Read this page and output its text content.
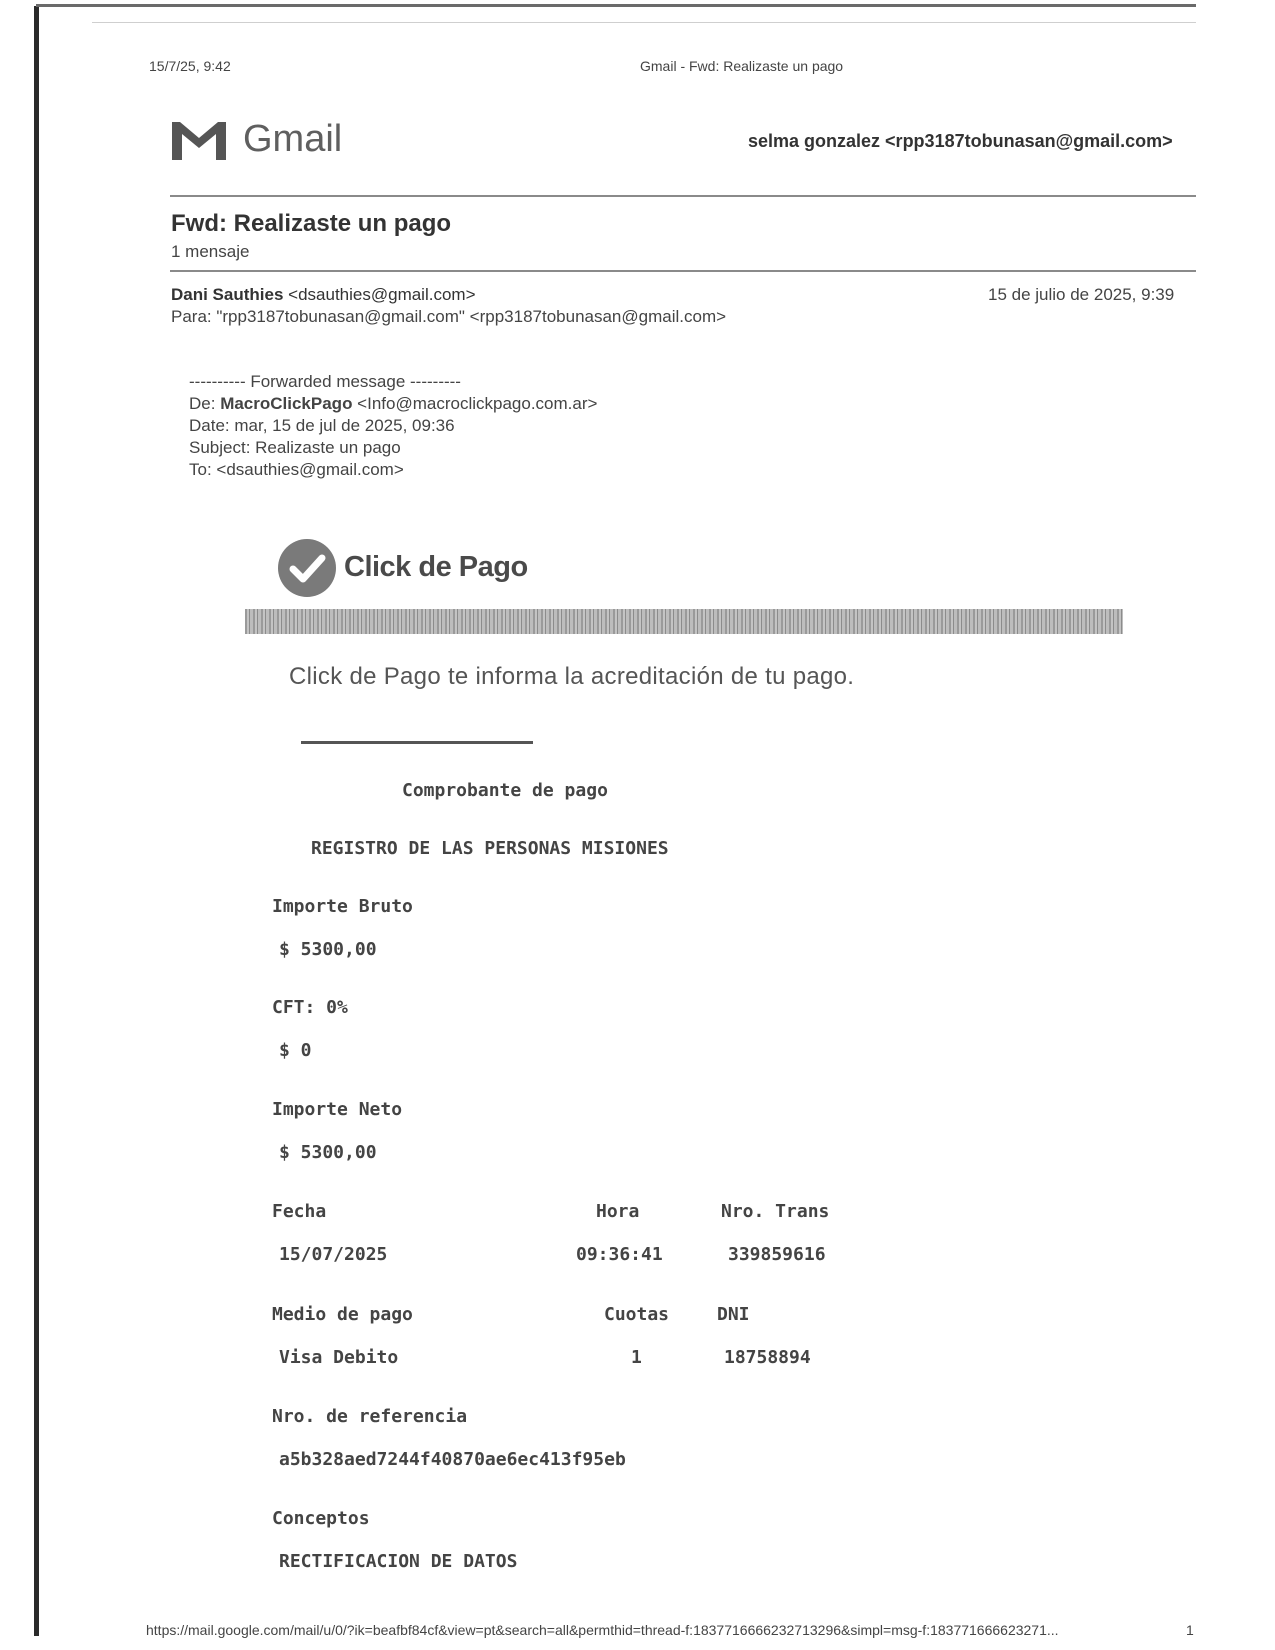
15/7/25, 9:42	Gmail - Fwd: Realizaste un pago
Gmail	selma gonzalez <rpp3187tobunasan@gmail.com>
Fwd: Realizaste un pago
1 mensaje
Dani Sauthies <dsauthies@gmail.com>
Para: "rpp3187tobunasan@gmail.com" <rpp3187tobunasan@gmail.com>
15 de julio de 2025, 9:39
---------- Forwarded message ---------
De: MacroClickPago <Info@macroclickpago.com.ar>
Date: mar, 15 de jul de 2025, 09:36
Subject: Realizaste un pago
To: <dsauthies@gmail.com>
Click de Pago
Click de Pago te informa la acreditación de tu pago.
Comprobante de pago
REGISTRO DE LAS PERSONAS MISIONES
Importe Bruto
$ 5300,00
CFT: 0%
$ 0
Importe Neto
$ 5300,00
Fecha	Hora	Nro. Trans
15/07/2025	09:36:41	339859616
Medio de pago	Cuotas	DNI
Visa Debito	1	18758894
Nro. de referencia
a5b328aed7244f40870ae6ec413f95eb
Conceptos
RECTIFICACION DE DATOS
https://mail.google.com/mail/u/0/?ik=beafbf84cf&view=pt&search=all&permthid=thread-f:1837716666232713296&simpl=msg-f:183771666623271...	1
